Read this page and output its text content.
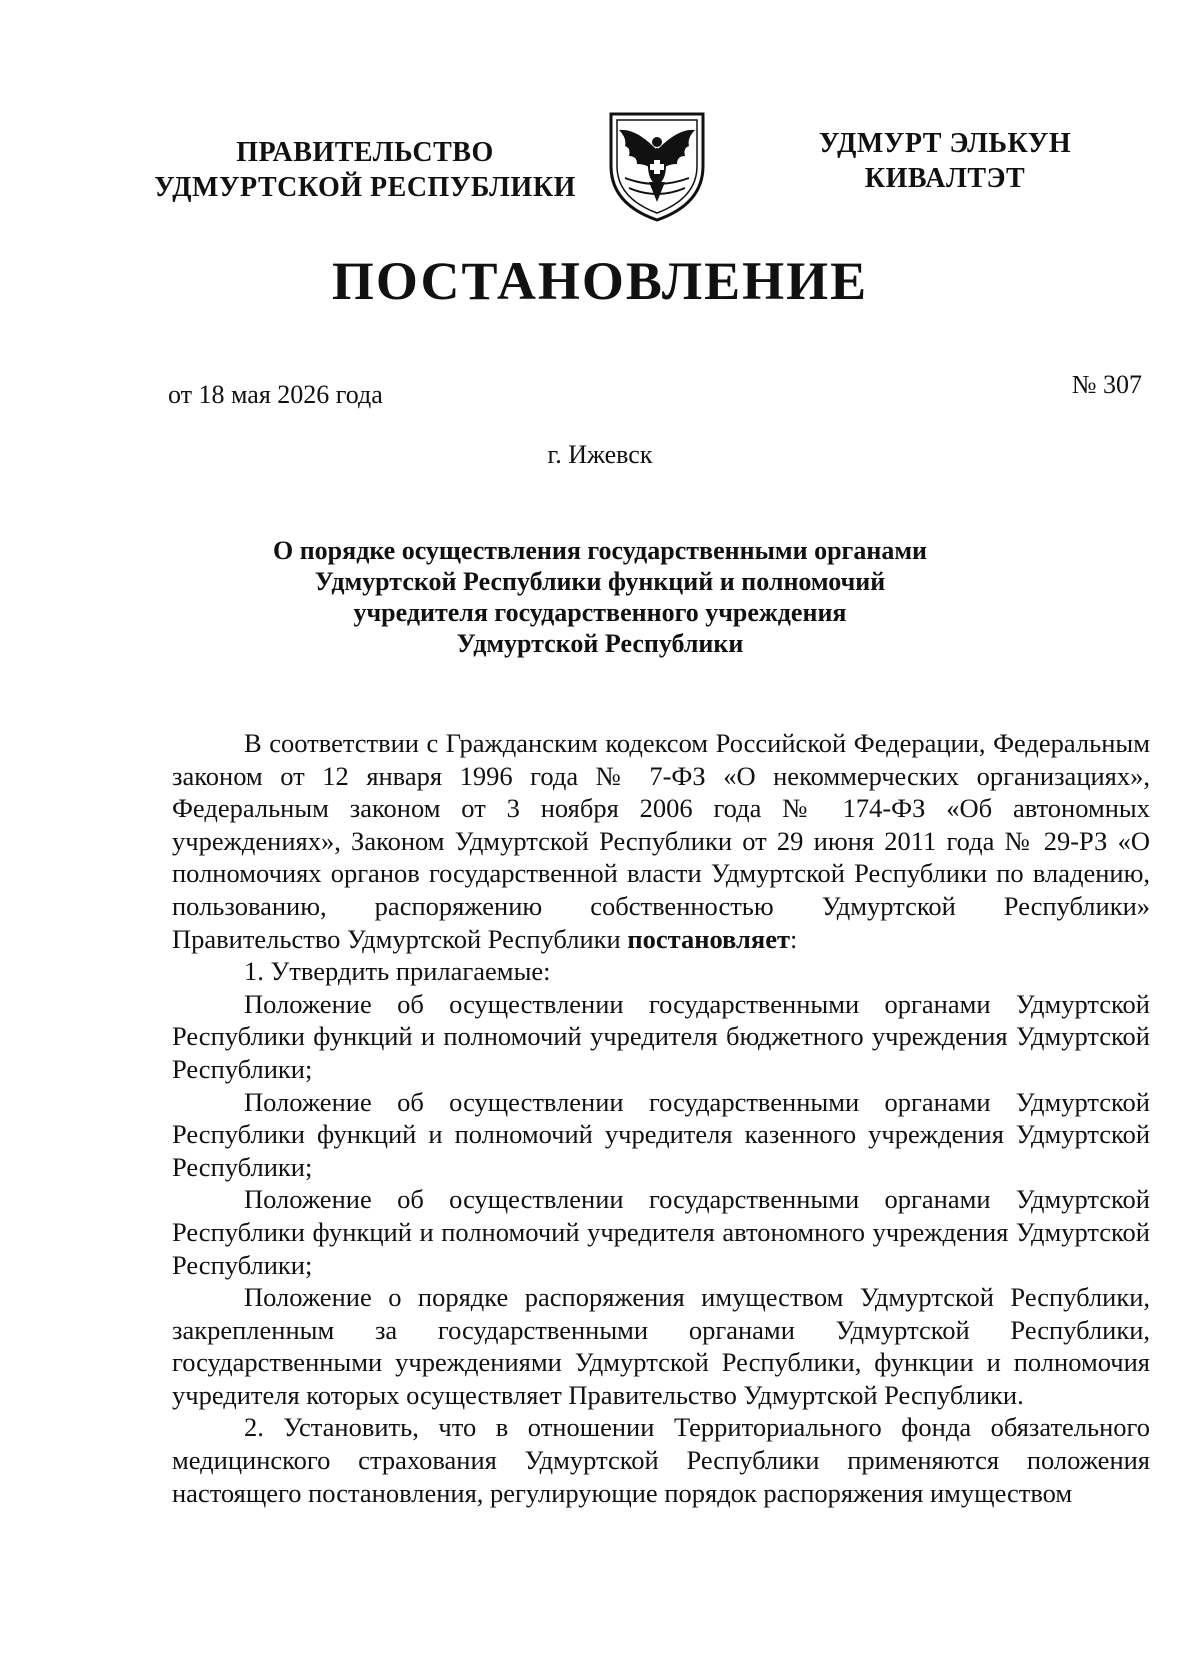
ПРАВИТЕЛЬСТВО
УДМУРТСКОЙ РЕСПУБЛИКИ
УДМУРТ ЭЛЬКУН
КИВАЛТЭТ
ПОСТАНОВЛЕНИЕ
от 18 мая 2026 года	№ 307
г. Ижевск
О порядке осуществления государственными органами
Удмуртской Республики функций и полномочий
учредителя государственного учреждения
Удмуртской Республики

В соответствии с Гражданским кодексом Российской Федерации, Федеральным законом от 12 января 1996 года № 7-ФЗ «О некоммерческих организациях», Федеральным законом от 3 ноября 2006 года № 174-ФЗ «Об автономных учреждениях», Законом Удмуртской Республики от 29 июня 2011 года № 29-РЗ «О полномочиях органов государственной власти Удмуртской Республики по владению, пользованию, распоряжению собственностью Удмуртской Республики» Правительство Удмуртской Республики постановляет:

1. Утвердить прилагаемые:

Положение об осуществлении государственными органами Удмуртской Республики функций и полномочий учредителя бюджетного учреждения Удмуртской Республики;

Положение об осуществлении государственными органами Удмуртской Республики функций и полномочий учредителя казенного учреждения Удмуртской Республики;

Положение об осуществлении государственными органами Удмуртской Республики функций и полномочий учредителя автономного учреждения Удмуртской Республики;

Положение о порядке распоряжения имуществом Удмуртской Республики, закрепленным за государственными органами Удмуртской Республики, государственными учреждениями Удмуртской Республики, функции и полномочия учредителя которых осуществляет Правительство Удмуртской Республики.

2. Установить, что в отношении Территориального фонда обязательного медицинского страхования Удмуртской Республики применяются положения настоящего постановления, регулирующие порядок распоряжения имуществом
